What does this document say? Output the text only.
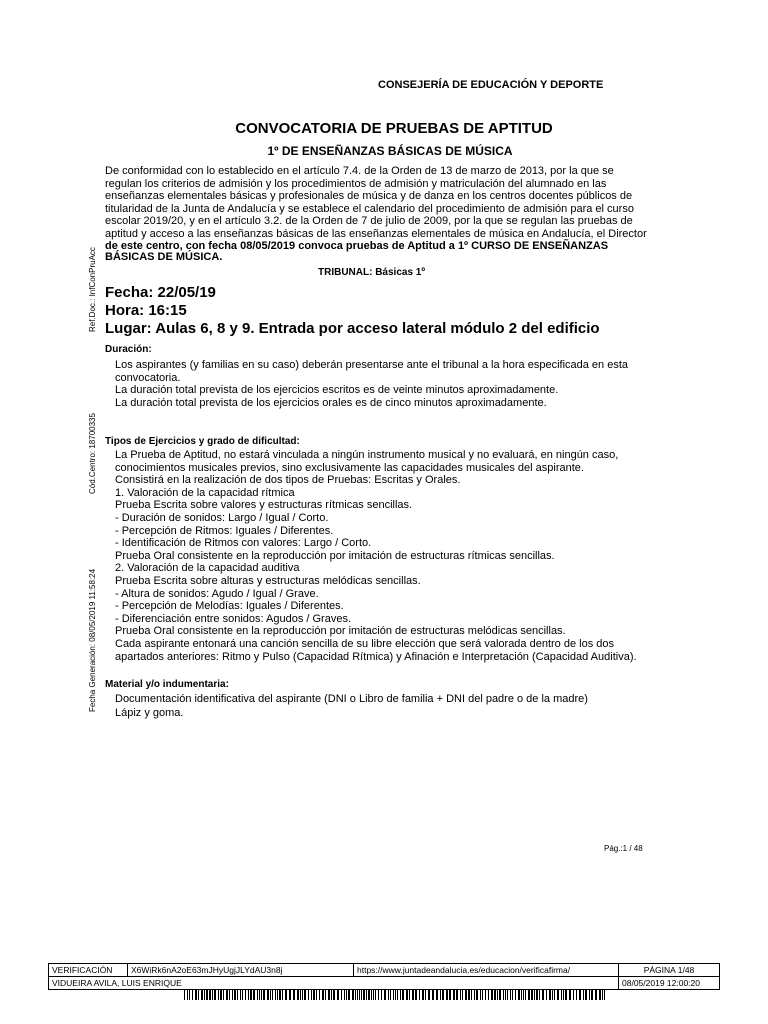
CONSEJERÍA DE EDUCACIÓN Y DEPORTE
CONVOCATORIA DE PRUEBAS DE APTITUD
1º DE ENSEÑANZAS BÁSICAS DE MÚSICA
De conformidad con lo establecido en el artículo 7.4. de la Orden de 13 de marzo de 2013, por la que se
regulan los criterios de admisión y los procedimientos de admisión y matriculación del alumnado en las
enseñanzas elementales básicas y profesionales de música y de danza en los centros docentes públicos de
titularidad de la Junta de Andalucía y se establece el calendario del procedimiento de admisión para el curso
escolar 2019/20, y en el artículo 3.2. de la Orden de 7 de julio de 2009, por la que se regulan las pruebas de
aptitud y acceso a las enseñanzas básicas de las enseñanzas elementales de música en Andalucía, el Director
de este centro, con fecha 08/05/2019 convoca pruebas de Aptitud a 1º CURSO DE ENSEÑANZAS
BÁSICAS DE MÚSICA.
TRIBUNAL: Básicas 1º
Fecha: 22/05/19
Hora: 16:15
Lugar: Aulas 6, 8 y 9. Entrada por acceso lateral módulo 2 del edificio
Duración:
Los aspirantes (y familias en su caso) deberán presentarse ante el tribunal a la hora especificada en esta
convocatoria.
La duración total prevista de los ejercicios escritos es de veinte minutos aproximadamente.
La duración total prevista de los ejercicios orales es de cinco minutos aproximadamente.
Tipos de Ejercicios y grado de dificultad:
La Prueba de Aptitud, no estará vinculada a ningún instrumento musical y no evaluará, en ningún caso,
conocimientos musicales previos, sino exclusivamente las capacidades musicales del aspirante.
Consistirá en la realización de dos tipos de Pruebas: Escritas y Orales.
1. Valoración de la capacidad rítmica
Prueba Escrita sobre valores y estructuras rítmicas sencillas.
- Duración de sonidos: Largo / Igual / Corto.
- Percepción de Ritmos: Iguales / Diferentes.
- Identificación de Ritmos con valores: Largo / Corto.
Prueba Oral consistente en la reproducción por imitación de estructuras rítmicas sencillas.
2. Valoración de la capacidad auditiva
Prueba Escrita sobre alturas y estructuras melódicas sencillas.
- Altura de sonidos: Agudo / Igual / Grave.
- Percepción de Melodías: Iguales / Diferentes.
- Diferenciación entre sonidos: Agudos / Graves.
Prueba Oral consistente en la reproducción por imitación de estructuras melódicas sencillas.
Cada aspirante entonará una canción sencilla de su libre elección que será valorada dentro de los dos
apartados anteriores: Ritmo y Pulso (Capacidad Rítmica) y Afinación e Interpretación (Capacidad Auditiva).
Material y/o indumentaria:
Documentación identificativa del aspirante (DNI o Libro de familia + DNI del padre o de la madre)
Lápiz y goma.
Pág.:1 / 48
Ref.Doc.: InfConPruAcc
Cód.Centro: 18700335
Fecha Generación: 08/05/2019 11:58:24
VERIFICACIÓN	X6WiRk6nA2oE63mJHyUgjJLYdAU3n8j	https://www.juntadeandalucia.es/educacion/verificafirma/	PÁGINA 1/48
VIDUEIRA AVILA, LUIS ENRIQUE			08/05/2019 12:00:20
